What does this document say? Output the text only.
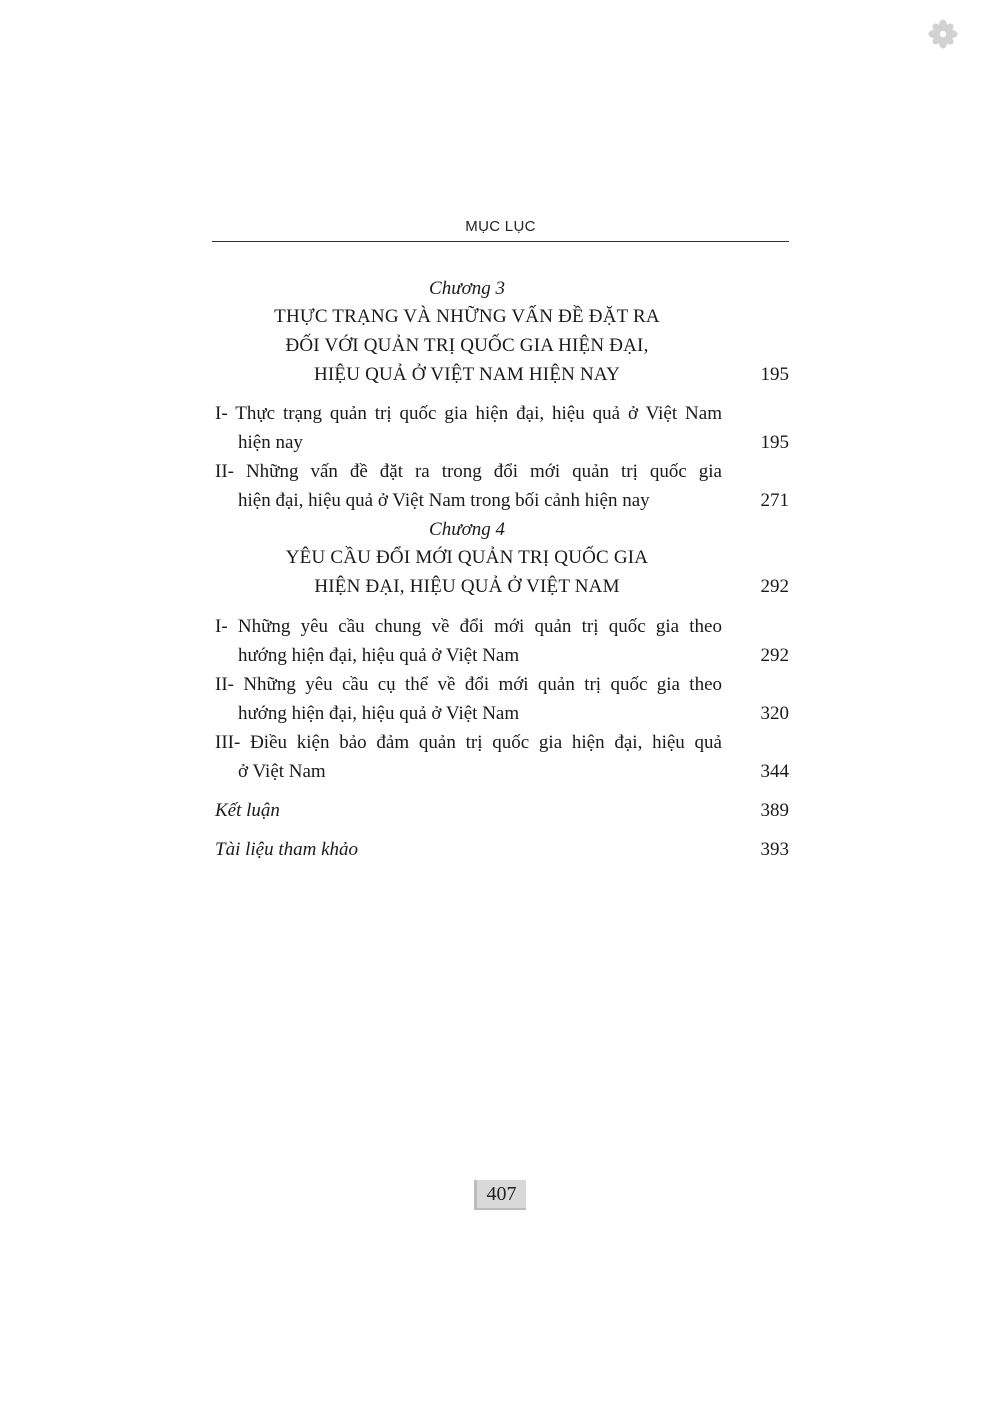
MỤC LỤC
Chương 3
THỰC TRẠNG VÀ NHỮNG VẤN ĐỀ ĐẶT RA
ĐỐI VỚI QUẢN TRỊ QUỐC GIA HIỆN ĐẠI,
HIỆU QUẢ Ở VIỆT NAM HIỆN NAY	195
I- Thực trạng quản trị quốc gia hiện đại, hiệu quả ở Việt Nam
hiện nay	195
II- Những vấn đề đặt ra trong đổi mới quản trị quốc gia
hiện đại, hiệu quả ở Việt Nam trong bối cảnh hiện nay	271
Chương 4
YÊU CẦU ĐỔI MỚI QUẢN TRỊ QUỐC GIA
HIỆN ĐẠI, HIỆU QUẢ Ở VIỆT NAM	292
I- Những yêu cầu chung về đổi mới quản trị quốc gia theo
hướng hiện đại, hiệu quả ở Việt Nam	292
II- Những yêu cầu cụ thể về đổi mới quản trị quốc gia theo
hướng hiện đại, hiệu quả ở Việt Nam	320
III- Điều kiện bảo đảm quản trị quốc gia hiện đại, hiệu quả
ở Việt Nam	344
Kết luận	389
Tài liệu tham khảo	393
407
